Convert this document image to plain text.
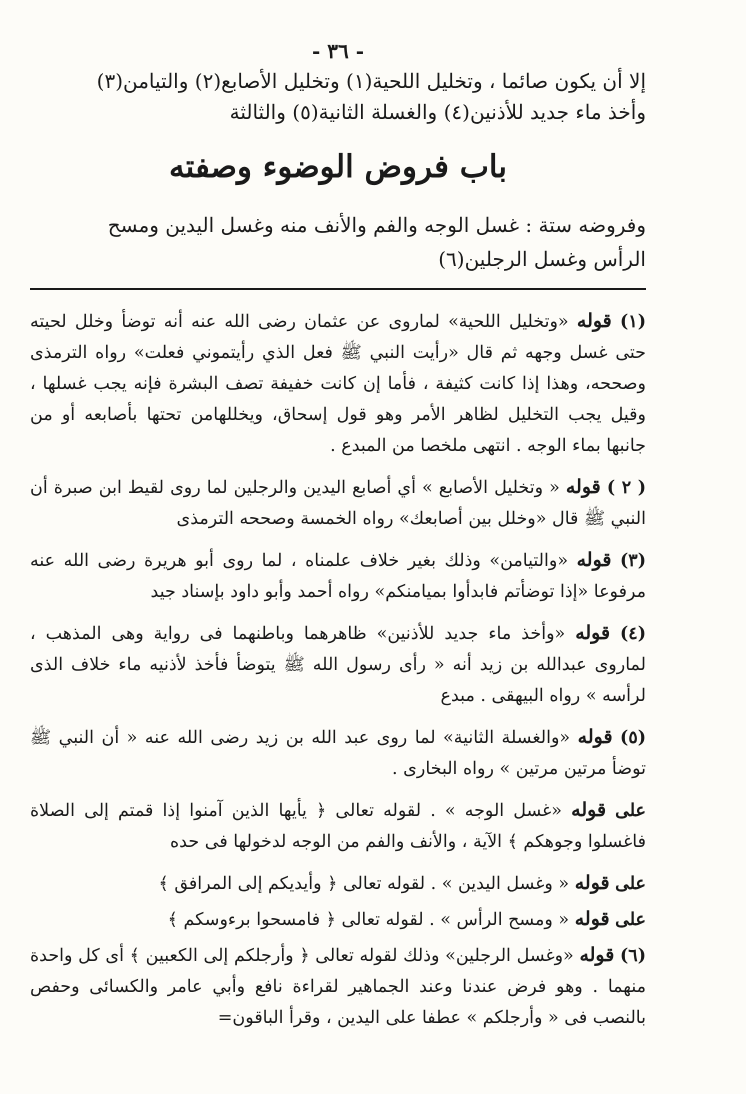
- ٣٦ -

إلا أن يكون صائما ، وتخليل اللحية(١) وتخليل الأصابع(٢) والتيامن(٣)

وأخذ ماء جديد للأذنين(٤) والغسلة الثانية(٥) والثالثة

باب فروض الوضوء وصفته

وفروضه ستة : غسل الوجه والفم والأنف منه وغسل اليدين ومسح

الرأس وغسل الرجلين(٦)

(١) قوله «وتخليل اللحية» لماروى عن عثمان رضى الله عنه أنه توضأ وخلل لحيته حتى غسل وجهه ثم قال «رأيت النبي ﷺ فعل الذي رأيتموني فعلت» رواه الترمذى وصححه، وهذا إذا كانت كثيفة ، فأما إن كانت خفيفة تصف البشرة فإنه يجب غسلها ، وقيل يجب التخليل لظاهر الأمر وهو قول إسحاق، ويخللهامن تحتها بأصابعه أو من جانبها بماء الوجه . انتهى ملخصا من المبدع .

( ٢ ) قوله « وتخليل الأصابع » أي أصابع اليدين والرجلين لما روى لقيط ابن صبرة أن النبي ﷺ قال «وخلل بين أصابعك» رواه الخمسة وصححه الترمذى

(٣) قوله «والتيامن» وذلك بغير خلاف علمناه ، لما روى أبو هريرة رضى الله عنه مرفوعا «إذا توضأتم فابدأوا بميامنكم» رواه أحمد وأبو داود بإسناد جيد

(٤) قوله «وأخذ ماء جديد للأذنين» ظاهرهما وباطنهما فى رواية وهى المذهب ، لماروى عبدالله بن زيد أنه « رأى رسول الله ﷺ يتوضأ فأخذ لأذنيه ماء خلاف الذى لرأسه » رواه البيهقى . مبدع

(٥) قوله «والغسلة الثانية» لما روى عبد الله بن زيد رضى الله عنه « أن النبي ﷺ توضأ مرتين مرتين » رواه البخارى .

على قوله «غسل الوجه » . لقوله تعالى ﴿ يأيها الذين آمنوا إذا قمتم إلى الصلاة فاغسلوا وجوهكم ﴾ الآية ، والأنف والفم من الوجه لدخولها فى حده

على قوله « وغسل اليدين » . لقوله تعالى ﴿ وأيديكم إلى المرافق ﴾

على قوله « ومسح الرأس » . لقوله تعالى ﴿ فامسحوا برءوسكم ﴾

(٦) قوله «وغسل الرجلين» وذلك لقوله تعالى ﴿ وأرجلكم إلى الكعبين ﴾ أى كل واحدة منهما . وهو فرض عندنا وعند الجماهير لقراءة نافع وأبي عامر والكسائى وحفص بالنصب فى « وأرجلكم » عطفا على اليدين ، وقرأ الباقون=
